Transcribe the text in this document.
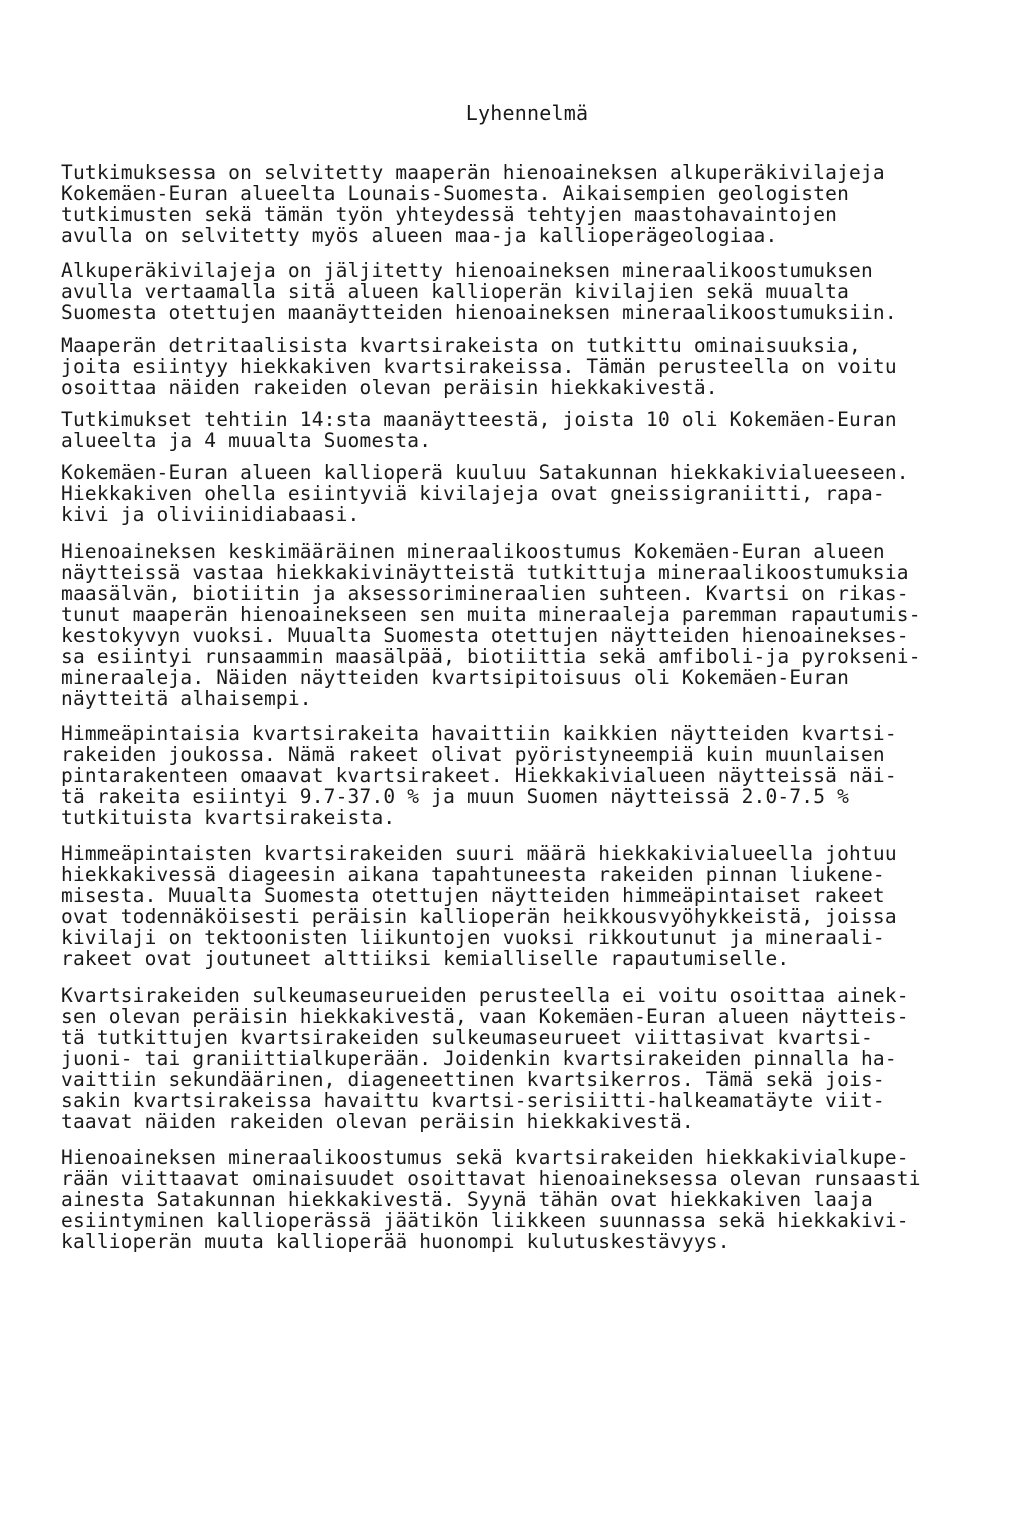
Lyhennelmä

Tutkimuksessa on selvitetty maaperän hienoaineksen alkuperäkivilajeja
Kokemäen-Euran alueelta Lounais-Suomesta. Aikaisempien geologisten
tutkimusten sekä tämän työn yhteydessä tehtyjen maastohavaintojen
avulla on selvitetty myös alueen maa-ja kallioperägeologiaa.

Alkuperäkivilajeja on jäljitetty hienoaineksen mineraalikoostumuksen
avulla vertaamalla sitä alueen kallioperän kivilajien sekä muualta
Suomesta otettujen maanäytteiden hienoaineksen mineraalikoostumuksiin.

Maaperän detritaalisista kvartsirakeista on tutkittu ominaisuuksia,
joita esiintyy hiekkakiven kvartsirakeissa. Tämän perusteella on voitu
osoittaa näiden rakeiden olevan peräisin hiekkakivestä.

Tutkimukset tehtiin 14:sta maanäytteestä, joista 10 oli Kokemäen-Euran
alueelta ja 4 muualta Suomesta.

Kokemäen-Euran alueen kallioperä kuuluu Satakunnan hiekkakivialueeseen.
Hiekkakiven ohella esiintyviä kivilajeja ovat gneissigraniitti, rapa-
kivi ja oliviinidiabaasi.

Hienoaineksen keskimääräinen mineraalikoostumus Kokemäen-Euran alueen
näytteissä vastaa hiekkakivinäytteistä tutkittuja mineraalikoostumuksia
maasälvän, biotiitin ja aksessorimineraalien suhteen. Kvartsi on rikas-
tunut maaperän hienoainekseen sen muita mineraaleja paremman rapautumis-
kestokyvyn vuoksi. Muualta Suomesta otettujen näytteiden hienoainekses-
sa esiintyi runsaammin maasälpää, biotiittia sekä amfiboli-ja pyrokseni-
mineraaleja. Näiden näytteiden kvartsipitoisuus oli Kokemäen-Euran
näytteitä alhaisempi.

Himmeäpintaisia kvartsirakeita havaittiin kaikkien näytteiden kvartsi-
rakeiden joukossa. Nämä rakeet olivat pyöristyneempiä kuin muunlaisen
pintarakenteen omaavat kvartsirakeet. Hiekkakivialueen näytteissä näi-
tä rakeita esiintyi 9.7-37.0 % ja muun Suomen näytteissä 2.0-7.5 %
tutkituista kvartsirakeista.

Himmeäpintaisten kvartsirakeiden suuri määrä hiekkakivialueella johtuu
hiekkakivessä diageesin aikana tapahtuneesta rakeiden pinnan liukene-
misesta. Muualta Suomesta otettujen näytteiden himmeäpintaiset rakeet
ovat todennäköisesti peräisin kallioperän heikkousvyöhykkeistä, joissa
kivilaji on tektoonisten liikuntojen vuoksi rikkoutunut ja mineraali-
rakeet ovat joutuneet alttiiksi kemialliselle rapautumiselle.

Kvartsirakeiden sulkeumaseurueiden perusteella ei voitu osoittaa ainek-
sen olevan peräisin hiekkakivestä, vaan Kokemäen-Euran alueen näytteis-
tä tutkittujen kvartsirakeiden sulkeumaseurueet viittasivat kvartsi-
juoni- tai graniittialkuperään. Joidenkin kvartsirakeiden pinnalla ha-
vaittiin sekundäärinen, diageneettinen kvartsikerros. Tämä sekä jois-
sakin kvartsirakeissa havaittu kvartsi-serisiitti-halkeamatäyte viit-
taavat näiden rakeiden olevan peräisin hiekkakivestä.

Hienoaineksen mineraalikoostumus sekä kvartsirakeiden hiekkakivialkupe-
rään viittaavat ominaisuudet osoittavat hienoaineksessa olevan runsaasti
ainesta Satakunnan hiekkakivestä. Syynä tähän ovat hiekkakiven laaja
esiintyminen kallioperässä jäätikön liikkeen suunnassa sekä hiekkakivi-
kallioperän muuta kallioperää huonompi kulutuskestävyys.
